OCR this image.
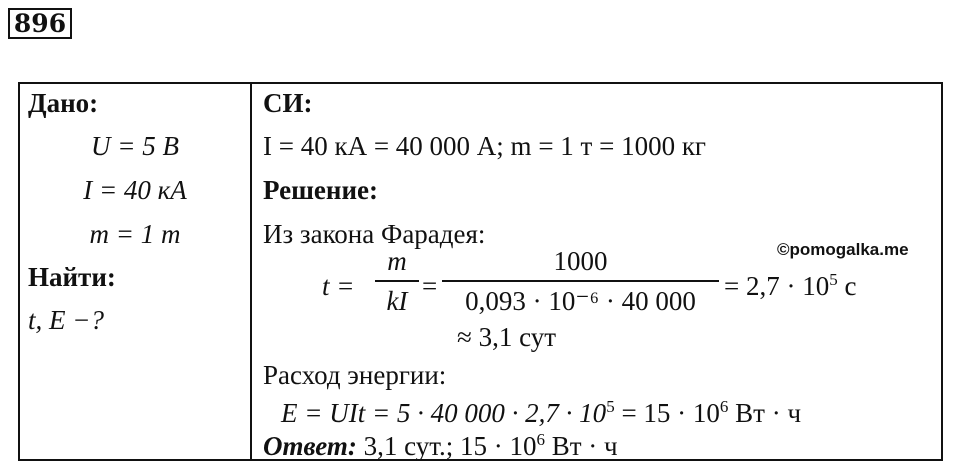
896
Дано:
U = 5 В
I = 40 кА
m = 1 т
Найти:
t, E −?
СИ:
I = 40 кА = 40 000 А; m = 1 т = 1000 кг
Решение:
Из закона Фарадея:
t =
m
kI =
1000
0,093 · 10⁻⁶ · 40 000	= $2,7 \cdot 10^5$ с
≈ 3,1 сут
Расход энергии:
E = UIt = 5 · 40 $000 \cdot 2,7 \cdot 10^5 = 15 \cdot 10^6$ Вт · ч
Ответ: 3,1 сут.; $15 \cdot 10^6$ Вт · ч
©pomogalka.me
